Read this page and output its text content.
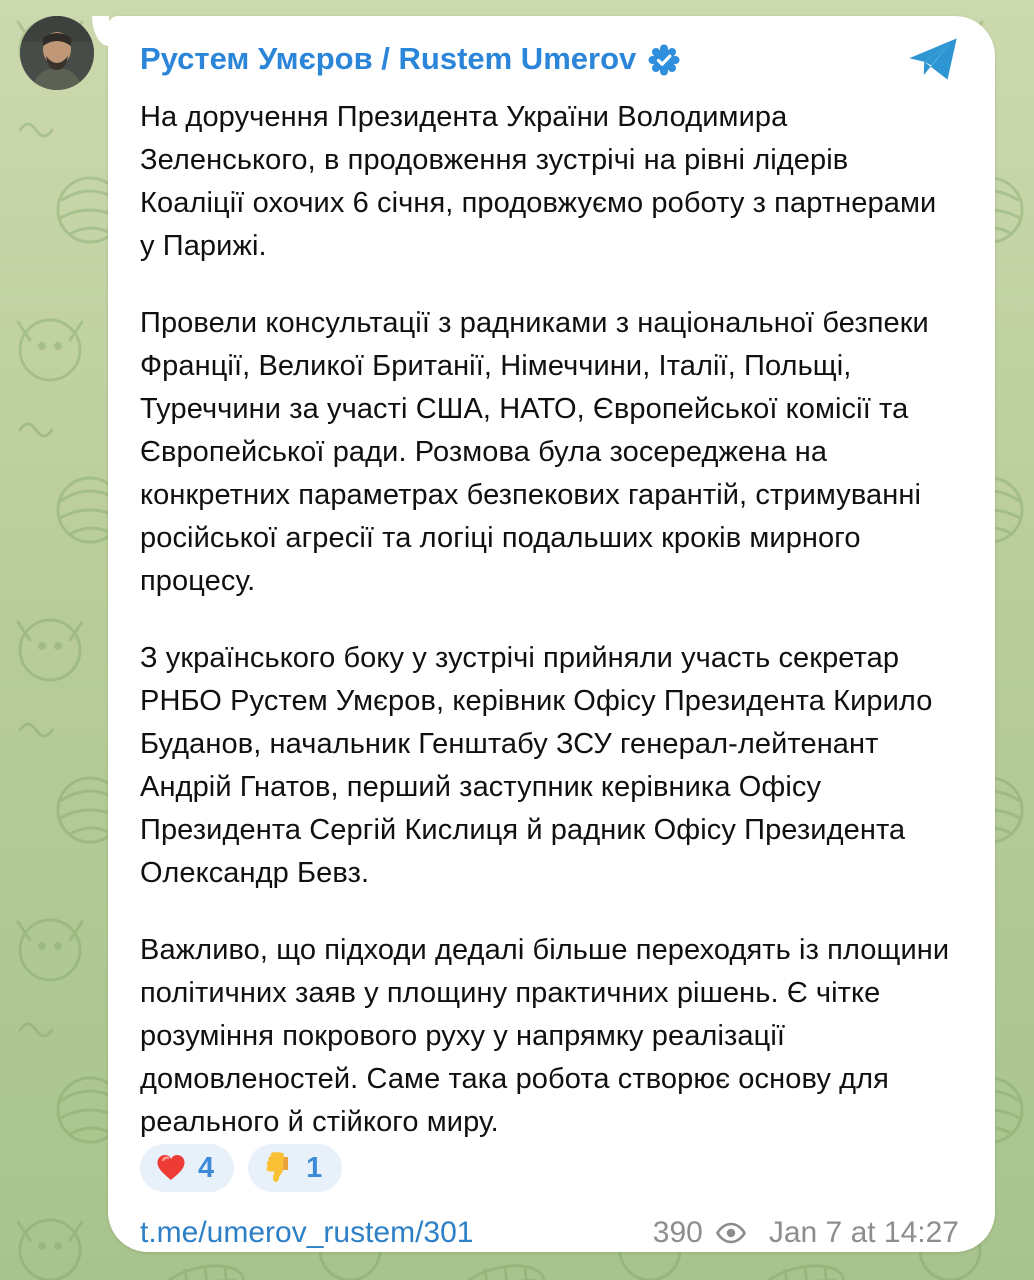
Рустем Умєров / Rustem Umerov

На доручення Президента України Володимира Зеленського, в продовження зустрічі на рівні лідерів Коаліції охочих 6 січня, продовжуємо роботу з партнерами у Парижі.

Провели консультації з радниками з національної безпеки Франції, Великої Британії, Німеччини, Італії, Польщі, Туреччини за участі США, НАТО, Європейської комісії та Європейської ради. Розмова була зосереджена на конкретних параметрах безпекових гарантій, стримуванні російської агресії та логіці подальших кроків мирного процесу.

З українського боку у зустрічі прийняли участь секретар РНБО Рустем Умєров, керівник Офісу Президента Кирило Буданов, начальник Генштабу ЗСУ генерал-лейтенант Андрій Гнатов, перший заступник керівника Офісу Президента Сергій Кислиця й радник Офісу Президента Олександр Бевз.

Важливо, що підходи дедалі більше переходять із площини політичних заяв у площину практичних рішень. Є чітке розуміння покрового руху у напрямку реалізації домовленостей. Саме така робота створює основу для реального й стійкого миру.

4	1
t.me/umerov_rustem/301	390 Jan 7 at 14:27
